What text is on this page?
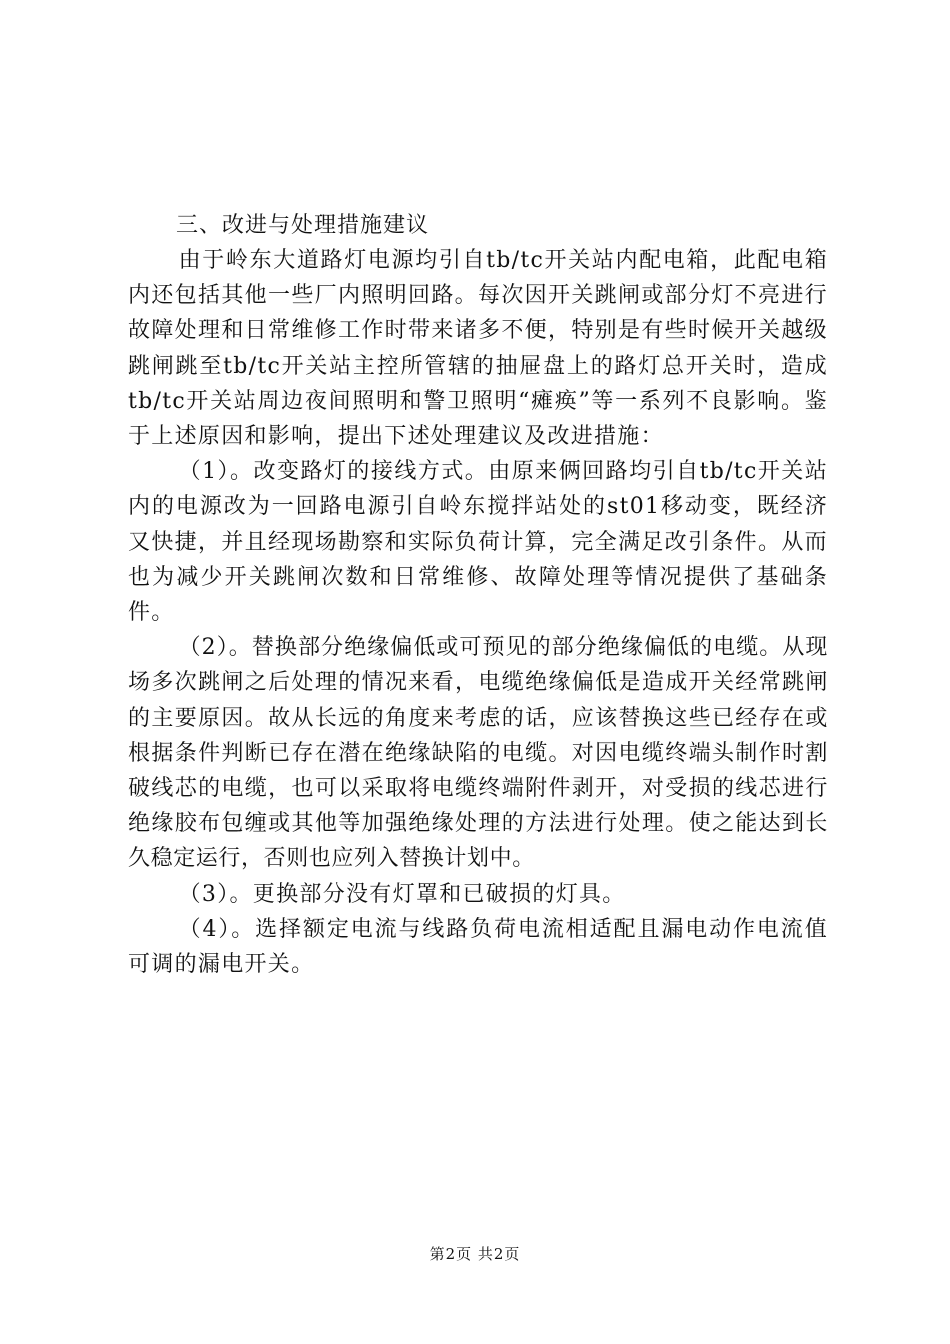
三、改进与处理措施建议

由于岭东大道路灯电源均引自tb/tc开关站内配电箱，此配电箱内还包括其他一些厂内照明回路。每次因开关跳闸或部分灯不亮进行故障处理和日常维修工作时带来诸多不便，特别是有些时候开关越级跳闸跳至tb/tc开关站主控所管辖的抽屉盘上的路灯总开关时，造成tb/tc开关站周边夜间照明和警卫照明“瘫痪”等一系列不良影响。鉴于上述原因和影响，提出下述处理建议及改进措施：

（1）。改变路灯的接线方式。由原来俩回路均引自tb/tc开关站内的电源改为一回路电源引自岭东搅拌站处的st01移动变，既经济又快捷，并且经现场勘察和实际负荷计算，完全满足改引条件。从而也为减少开关跳闸次数和日常维修、故障处理等情况提供了基础条件。

（2）。替换部分绝缘偏低或可预见的部分绝缘偏低的电缆。从现场多次跳闸之后处理的情况来看，电缆绝缘偏低是造成开关经常跳闸的主要原因。故从长远的角度来考虑的话，应该替换这些已经存在或根据条件判断已存在潜在绝缘缺陷的电缆。对因电缆终端头制作时割破线芯的电缆，也可以采取将电缆终端附件剥开，对受损的线芯进行绝缘胶布包缠或其他等加强绝缘处理的方法进行处理。使之能达到长久稳定运行，否则也应列入替换计划中。

（3）。更换部分没有灯罩和已破损的灯具。

（4）。选择额定电流与线路负荷电流相适配且漏电动作电流值可调的漏电开关。

第2页 共2页
